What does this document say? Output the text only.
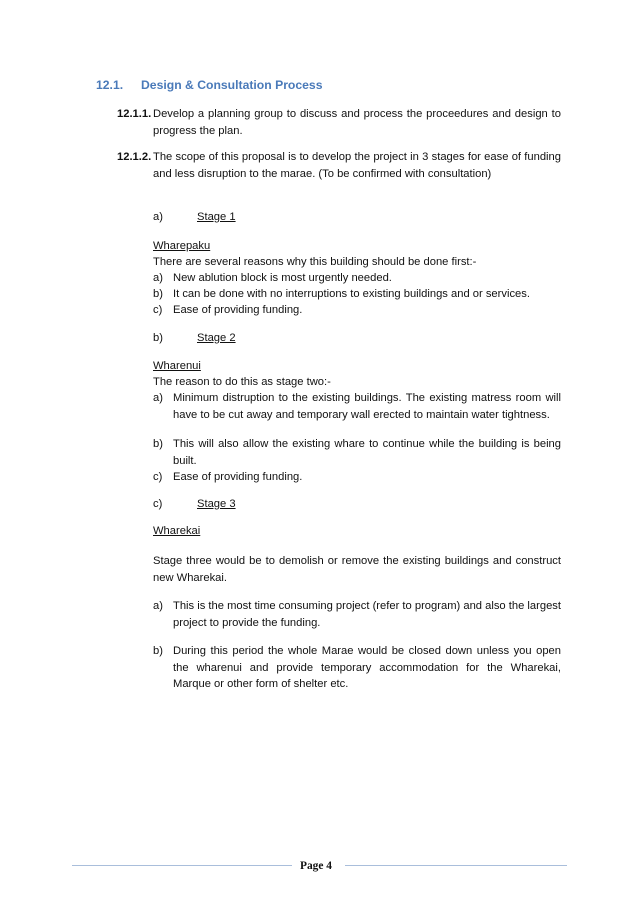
12.1. Design & Consultation Process
12.1.1. Develop a planning group to discuss and process the proceedures and design to progress the plan.

12.1.2. The scope of this proposal is to develop the project in 3 stages for ease of funding and less disruption to the marae. (To be confirmed with consultation)

a)	Stage 1
Wharepaku
There are several reasons why this building should be done first:-
a) New ablution block is most urgently needed.
b) It can be done with no interruptions to existing buildings and or services.
c) Ease of providing funding.
b)	Stage 2
Wharenui
The reason to do this as stage two:-
a) Minimum distruption to the existing buildings. The existing matress room will have to be cut away and temporary wall erected to maintain water tightness.
b) This will also allow the existing whare to continue while the building is being built.
c) Ease of providing funding.
c)	Stage 3
Wharekai

Stage three would be to demolish or remove the existing buildings and construct new Wharekai.

a) This is the most time consuming project (refer to program) and also the largest project to provide the funding.
b) During this period the whole Marae would be closed down unless you open the wharenui and provide temporary accommodation for the Wharekai, Marque or other form of shelter etc.
Page 4
